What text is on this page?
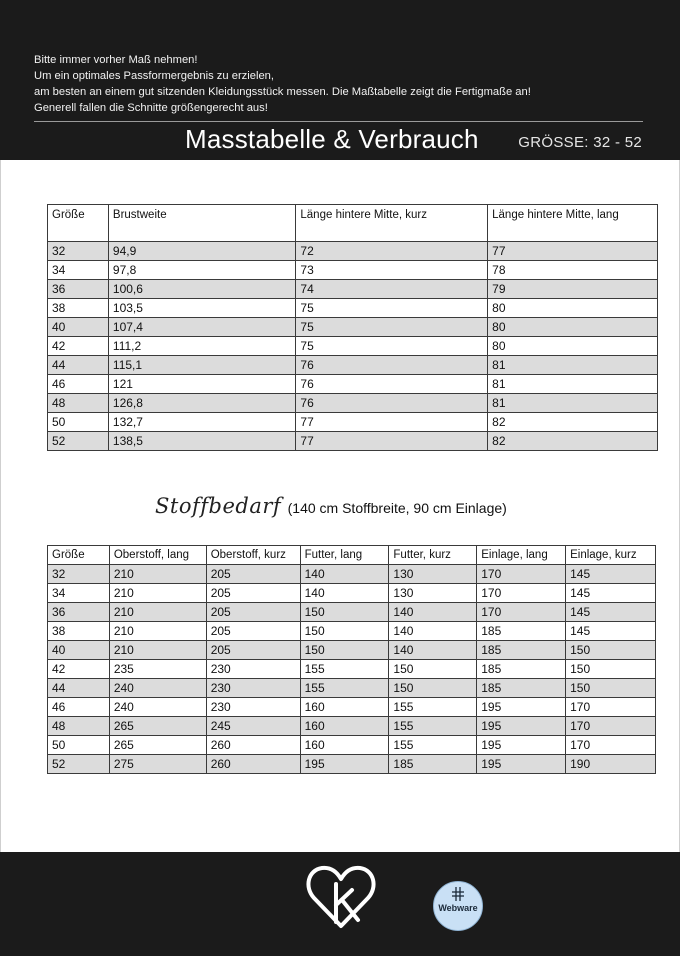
Bitte immer vorher Maß nehmen!
Um ein optimales Passformergebnis zu erzielen,
am besten an einem gut sitzenden Kleidungsstück messen. Die Maßtabelle zeigt die Fertigmaße an!
Generell fallen die Schnitte größengerecht aus!
Masstabelle & Verbrauch	GRÖSSE: 32 - 52
Größe	Brustweite	Länge hintere Mitte, kurz	Länge hintere Mitte, lang
32	94,9	72	77
34	97,8	73	78
36	100,6	74	79
38	103,5	75	80
40	107,4	75	80
42	111,2	75	80
44	115,1	76	81
46	121	76	81
48	126,8	76	81
50	132,7	77	82
52	138,5	77	82
Stoffbedarf (140 cm Stoffbreite, 90 cm Einlage)
Größe	Oberstoff, lang	Oberstoff, kurz	Futter, lang	Futter, kurz	Einlage, lang	Einlage, kurz
32	210	205	140	130	170	145
34	210	205	140	130	170	145
36	210	205	150	140	170	145
38	210	205	150	140	185	145
40	210	205	150	140	185	150
42	235	230	155	150	185	150
44	240	230	155	150	185	150
46	240	230	160	155	195	170
48	265	245	160	155	195	170
50	265	260	160	155	195	170
52	275	260	195	185	195	190
Webware
